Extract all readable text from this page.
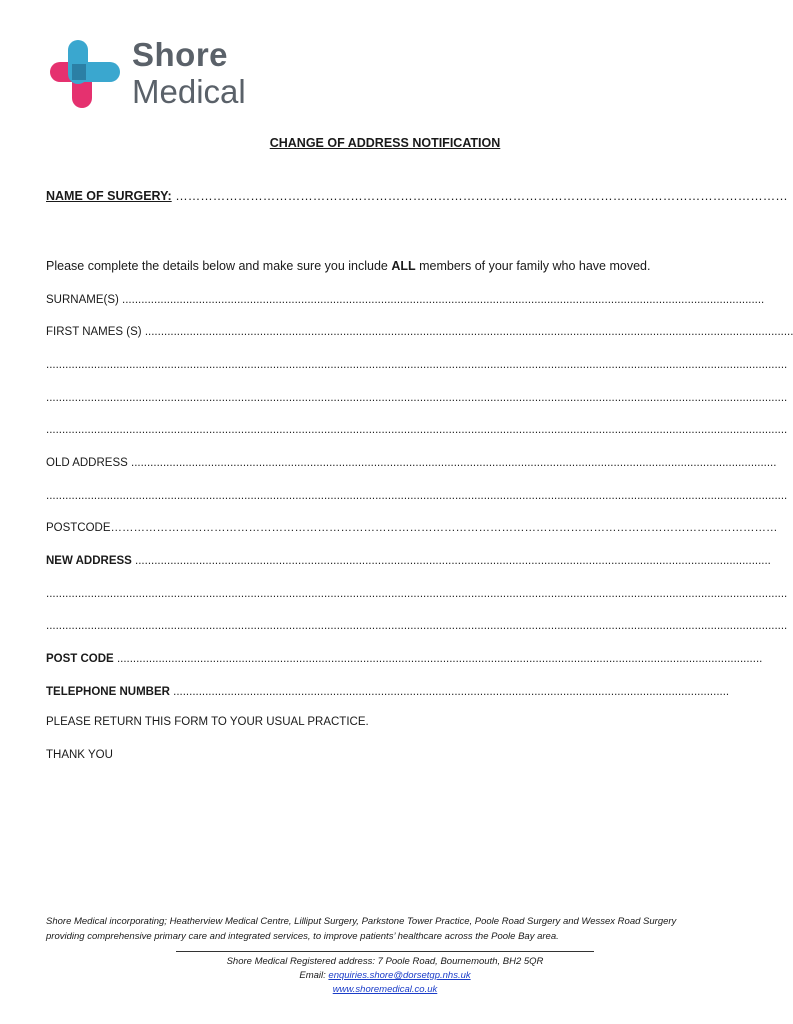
Shore
Medical
CHANGE OF ADDRESS NOTIFICATION
NAME OF SURGERY: …………………………………………………………………………………………………………………………………
Please complete the details below and make sure you include ALL members of your family who have moved.
SURNAME(S) .........................................................................................................................................................................................................
FIRST NAMES (S) ...........................................................................................................................................................................................................
........................................................................................................................................................................................................................................
........................................................................................................................................................................................................................................
........................................................................................................................................................................................................................................
OLD ADDRESS ..........................................................................................................................................................................................................
........................................................................................................................................................................................................................................
POSTCODE…………………………………………………………………………………………………………………………………………………………
NEW ADDRESS .......................................................................................................................................................................................................
........................................................................................................................................................................................................................................
........................................................................................................................................................................................................................................
POST CODE ..........................................................................................................................................................................................................
TELEPHONE NUMBER ..............................................................................................................................................................................
PLEASE RETURN THIS FORM TO YOUR USUAL PRACTICE.
THANK YOU
Shore Medical incorporating; Heatherview Medical Centre, Lilliput Surgery, Parkstone Tower Practice, Poole Road Surgery and Wessex Road Surgery providing comprehensive primary care and integrated services, to improve patients’ healthcare across the Poole Bay area.
Shore Medical Registered address: 7 Poole Road, Bournemouth, BH2 5QR
Email: enquiries.shore@dorsetgp.nhs.uk
www.shoremedical.co.uk
